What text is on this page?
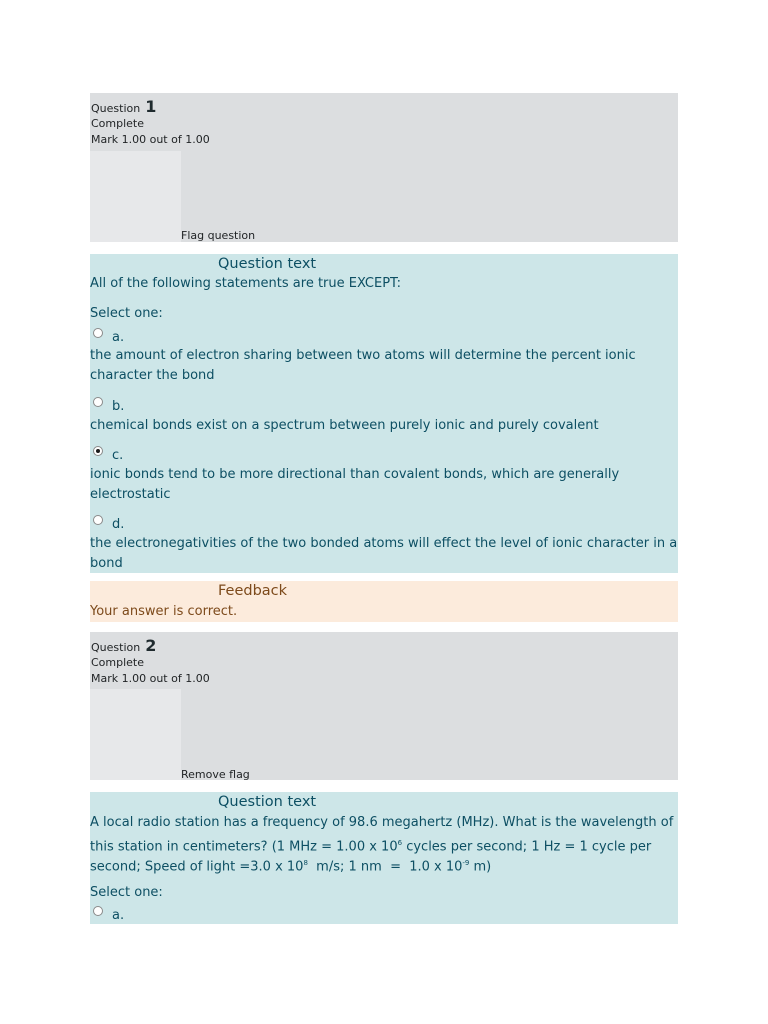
Question 1
Complete
Mark 1.00 out of 1.00
Flag question
Question text
All of the following statements are true EXCEPT:
Select one:
a.
the amount of electron sharing between two atoms will determine the percent ionic
character the bond
b.
chemical bonds exist on a spectrum between purely ionic and purely covalent
c.
ionic bonds tend to be more directional than covalent bonds, which are generally
electrostatic
d.
the electronegativities of the two bonded atoms will effect the level of ionic character in a
bond
Feedback
Your answer is correct.
Question 2
Complete
Mark 1.00 out of 1.00
Remove flag
Question text
A local radio station has a frequency of 98.6 megahertz (MHz). What is the wavelength of
this station in centimeters? (1 MHz = 1.00 x $10^6$ cycles per second; 1 Hz = 1 cycle per
second; Speed of light =3.0 x $10^8$  m/s; 1 nm  =  1.0 x $10^{-9}$ m)
Select one:
a.
